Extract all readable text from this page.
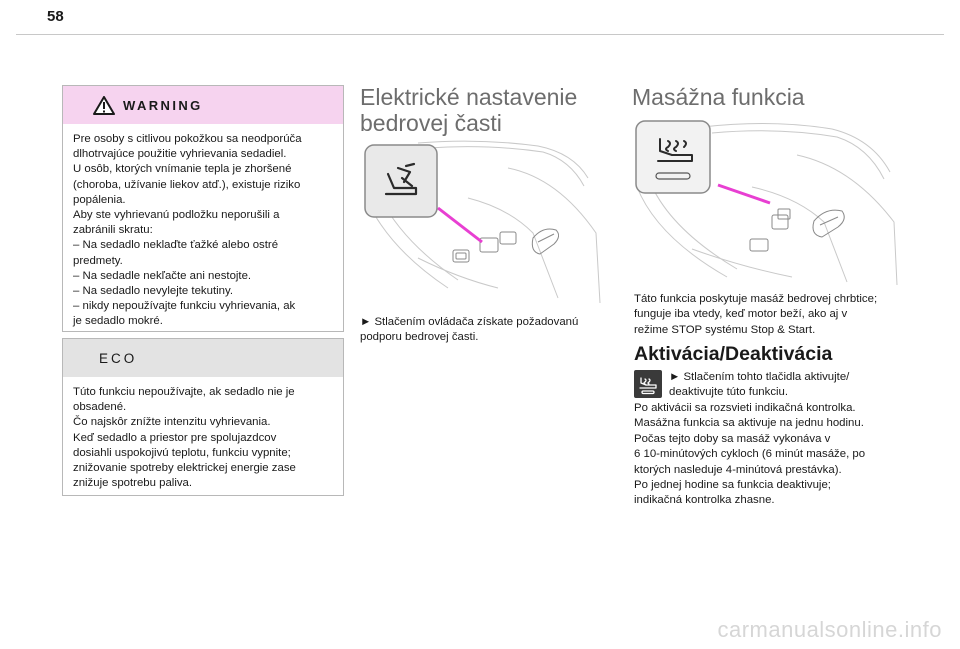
58
WARNING

Pre osoby s citlivou pokožkou sa neodporúča
dlhotrvajúce použitie vyhrievania sedadiel.
U osôb, ktorých vnímanie tepla je zhoršené
(choroba, užívanie liekov atď.), existuje riziko
popálenia.
Aby ste vyhrievanú podložku neporušili a
zabránili skratu:
– Na sedadlo neklaďte ťažké alebo ostré
predmety.
– Na sedadle nekľačte ani nestojte.
– Na sedadlo nevylejte tekutiny.
– nikdy nepoužívajte funkciu vyhrievania, ak
je sedadlo mokré.

ECO

Túto funkciu nepoužívajte, ak sedadlo nie je
obsadené.
Čo najskôr znížte intenzitu vyhrievania.
Keď sedadlo a priestor pre spolujazdcov
dosiahli uspokojivú teplotu, funkciu vypnite;
znižovanie spotreby elektrickej energie zase
znižuje spotrebu paliva.

Elektrické nastavenie
bedrovej časti

► Stlačením ovládača získate požadovanú
podporu bedrovej časti.

Masážna funkcia

Táto funkcia poskytuje masáž bedrovej chrbtice;
funguje iba vtedy, keď motor beží, ako aj v
režime STOP systému Stop & Start.

Aktivácia/Deaktivácia

► Stlačením tohto tlačidla aktivujte/
deaktivujte túto funkciu.

Po aktivácii sa rozsvieti indikačná kontrolka.
Masážna funkcia sa aktivuje na jednu hodinu.
Počas tejto doby sa masáž vykonáva v
6 10-minútových cykloch (6 minút masáže, po
ktorých nasleduje 4-minútová prestávka).
Po jednej hodine sa funkcia deaktivuje;
indikačná kontrolka zhasne.

carmanualsonline.info
